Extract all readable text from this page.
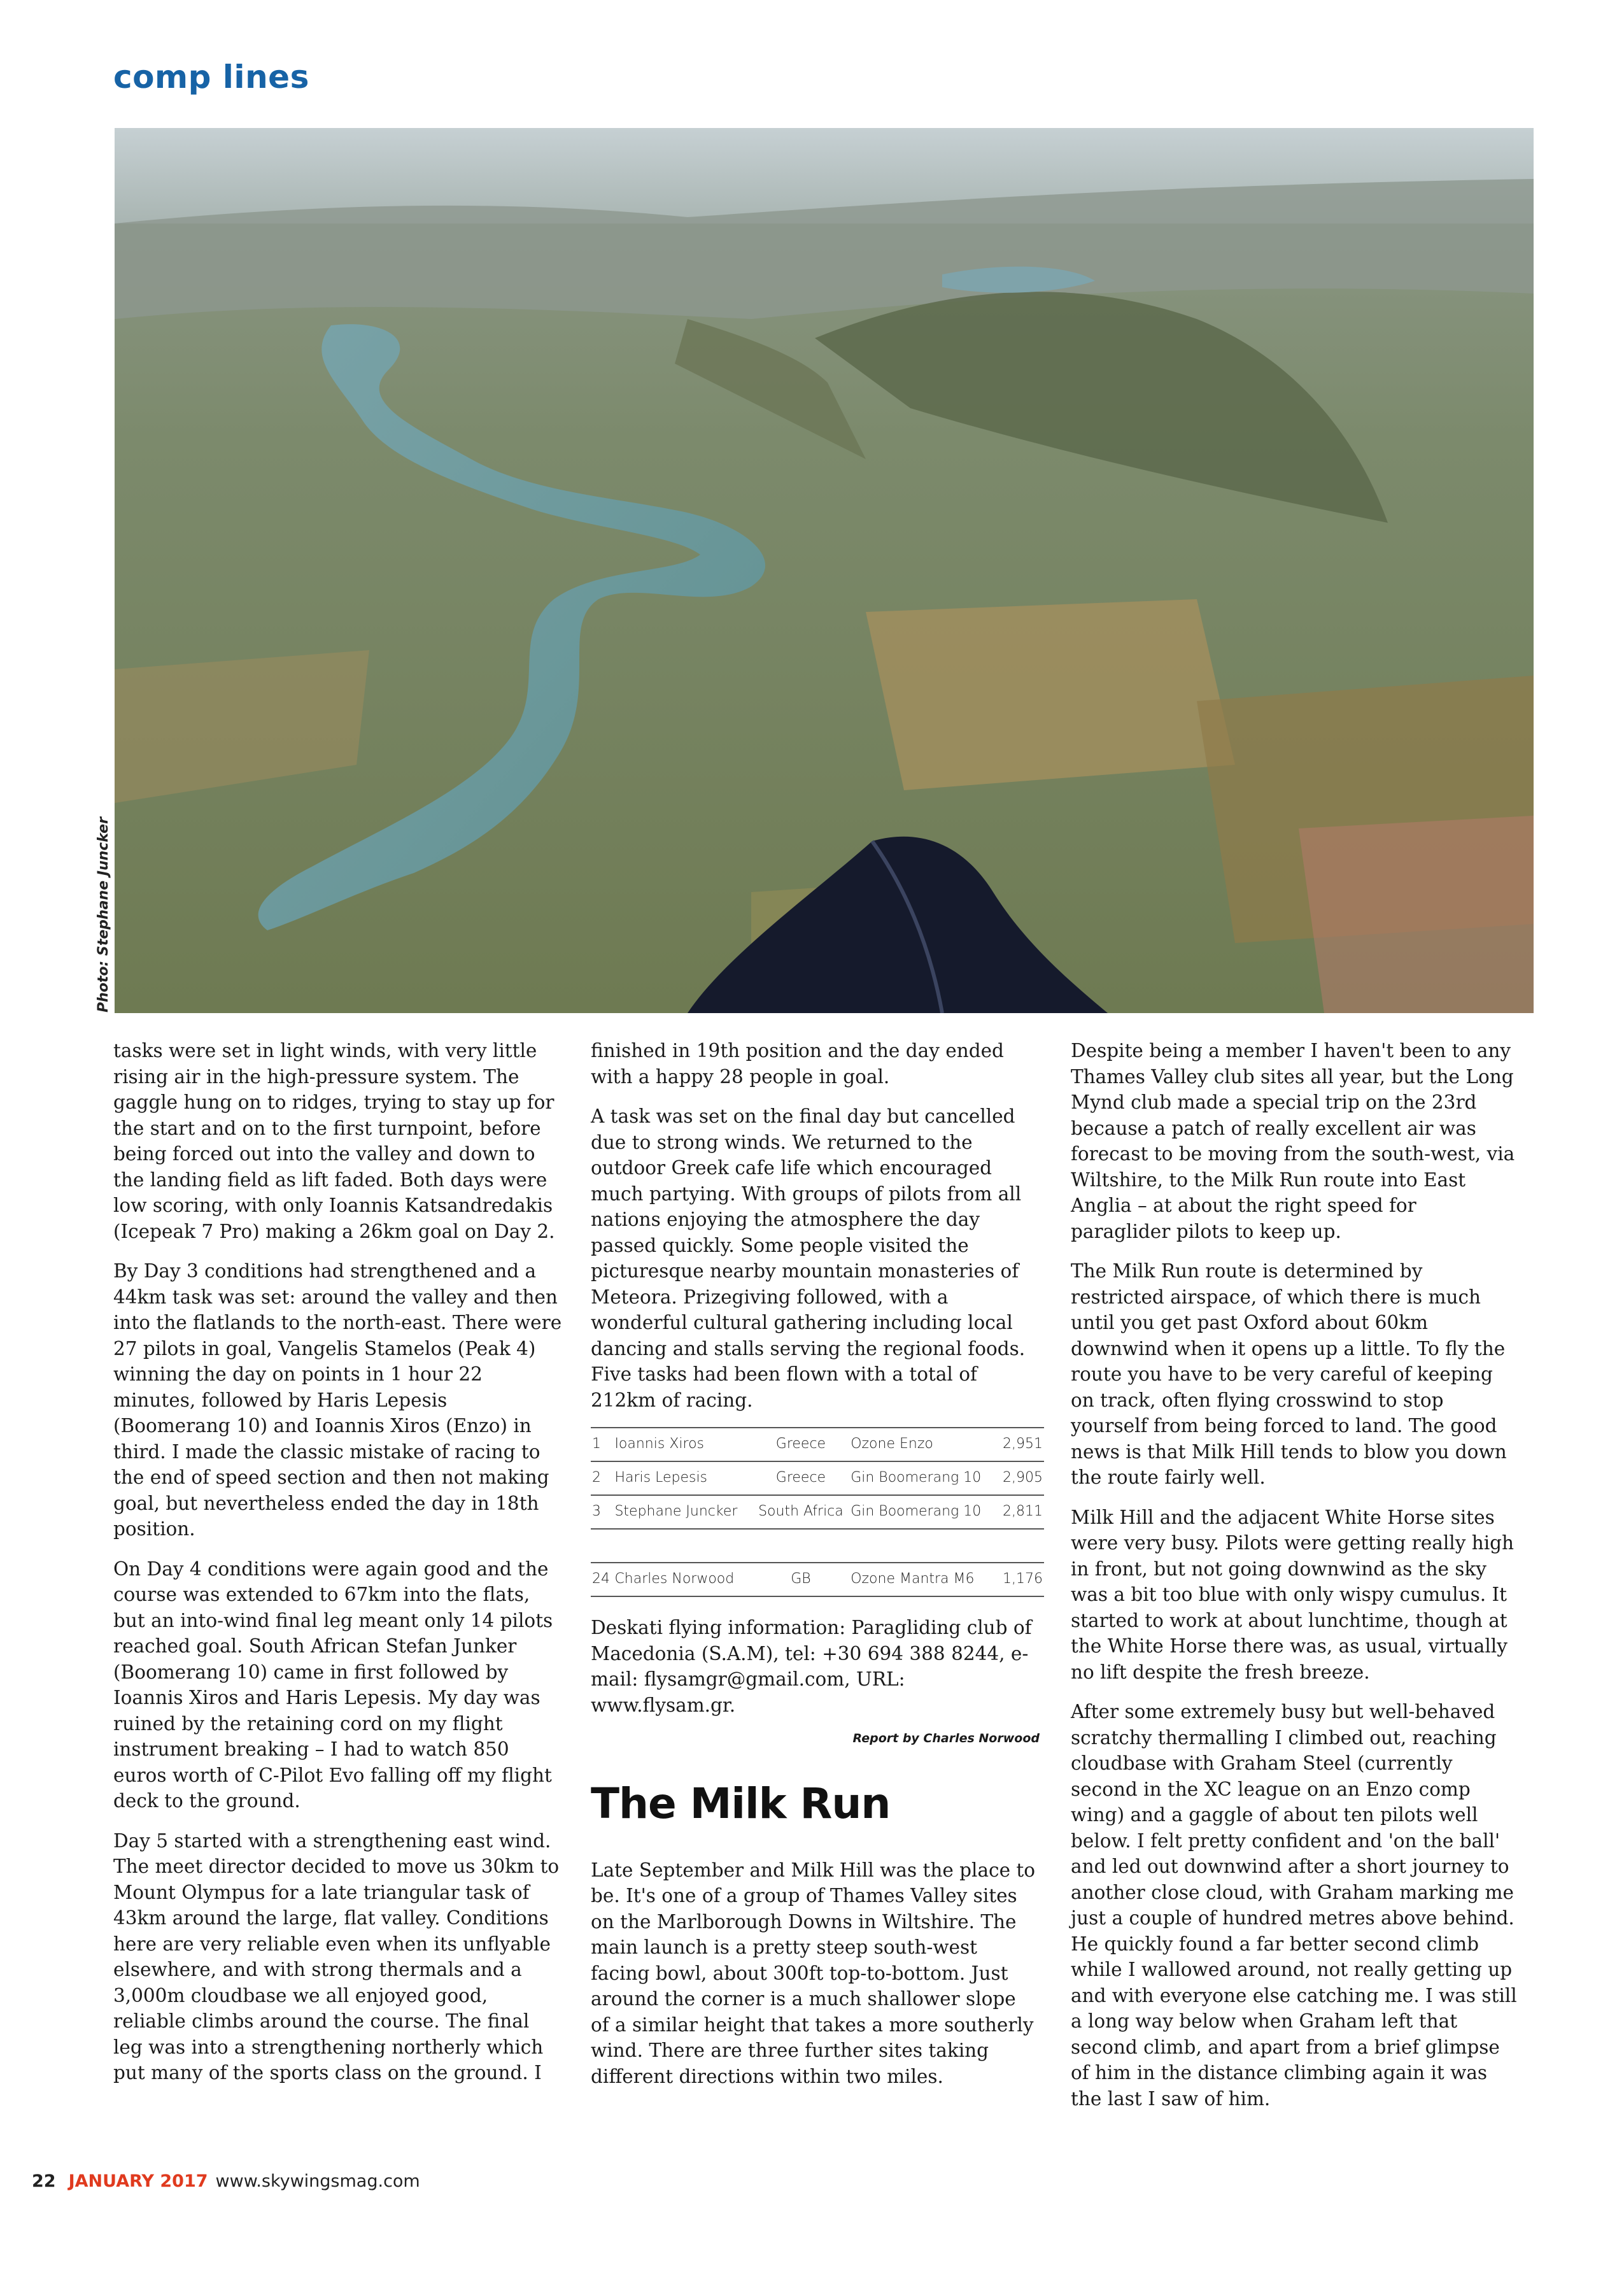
comp lines
Photo: Stephane Juncker

tasks were set in light winds, with very little rising air in the high-pressure system. The gaggle hung on to ridges, trying to stay up for the start and on to the first turnpoint, before being forced out into the valley and down to the landing field as lift faded. Both days were low scoring, with only Ioannis Katsandredakis (Icepeak 7 Pro) making a 26km goal on Day 2.

By Day 3 conditions had strengthened and a 44km task was set: around the valley and then into the flatlands to the north-east. There were 27 pilots in goal, Vangelis Stamelos (Peak 4) winning the day on points in 1 hour 22 minutes, followed by Haris Lepesis (Boomerang 10) and Ioannis Xiros (Enzo) in third. I made the classic mistake of racing to the end of speed section and then not making goal, but nevertheless ended the day in 18th position.

On Day 4 conditions were again good and the course was extended to 67km into the flats, but an into-wind final leg meant only 14 pilots reached goal. South African Stefan Junker (Boomerang 10) came in first followed by Ioannis Xiros and Haris Lepesis. My day was ruined by the retaining cord on my flight instrument breaking – I had to watch 850 euros worth of C-Pilot Evo falling off my flight deck to the ground.

Day 5 started with a strengthening east wind. The meet director decided to move us 30km to Mount Olympus for a late triangular task of 43km around the large, flat valley. Conditions here are very reliable even when its unflyable elsewhere, and with strong thermals and a 3,000m cloudbase we all enjoyed good, reliable climbs around the course. The final leg was into a strengthening northerly which put many of the sports class on the ground. I

finished in 19th position and the day ended with a happy 28 people in goal.

A task was set on the final day but cancelled due to strong winds. We returned to the outdoor Greek cafe life which encouraged much partying. With groups of pilots from all nations enjoying the atmosphere the day passed quickly. Some people visited the picturesque nearby mountain monasteries of Meteora. Prizegiving followed, with a wonderful cultural gathering including local dancing and stalls serving the regional foods. Five tasks had been flown with a total of 212km of racing.

1	Ioannis Xiros	Greece	Ozone Enzo	2,951
2	Haris Lepesis	Greece	Gin Boomerang 10	2,905
3	Stephane Juncker	South Africa	Gin Boomerang 10	2,811

24	Charles Norwood	GB	Ozone Mantra M6	1,176

Deskati flying information: Paragliding club of Macedonia (S.A.M), tel: +30 694 388 8244, e-mail: flysamgr@gmail.com, URL: www.flysam.gr.

Report by Charles Norwood
The Milk Run

Late September and Milk Hill was the place to be. It's one of a group of Thames Valley sites on the Marlborough Downs in Wiltshire. The main launch is a pretty steep south-west facing bowl, about 300ft top-to-bottom. Just around the corner is a much shallower slope of a similar height that takes a more southerly wind. There are three further sites taking different directions within two miles.

Despite being a member I haven't been to any Thames Valley club sites all year, but the Long Mynd club made a special trip on the 23rd because a patch of really excellent air was forecast to be moving from the south-west, via Wiltshire, to the Milk Run route into East Anglia – at about the right speed for paraglider pilots to keep up.

The Milk Run route is determined by restricted airspace, of which there is much until you get past Oxford about 60km downwind when it opens up a little. To fly the route you have to be very careful of keeping on track, often flying crosswind to stop yourself from being forced to land. The good news is that Milk Hill tends to blow you down the route fairly well.

Milk Hill and the adjacent White Horse sites were very busy. Pilots were getting really high in front, but not going downwind as the sky was a bit too blue with only wispy cumulus. It started to work at about lunchtime, though at the White Horse there was, as usual, virtually no lift despite the fresh breeze.

After some extremely busy but well-behaved scratchy thermalling I climbed out, reaching cloudbase with Graham Steel (currently second in the XC league on an Enzo comp wing) and a gaggle of about ten pilots well below. I felt pretty confident and 'on the ball' and led out downwind after a short journey to another close cloud, with Graham marking me just a couple of hundred metres above behind. He quickly found a far better second climb while I wallowed around, not really getting up and with everyone else catching me. I was still a long way below when Graham left that second climb, and apart from a brief glimpse of him in the distance climbing again it was the last I saw of him.

22 JANUARY 2017 www.skywingsmag.com
